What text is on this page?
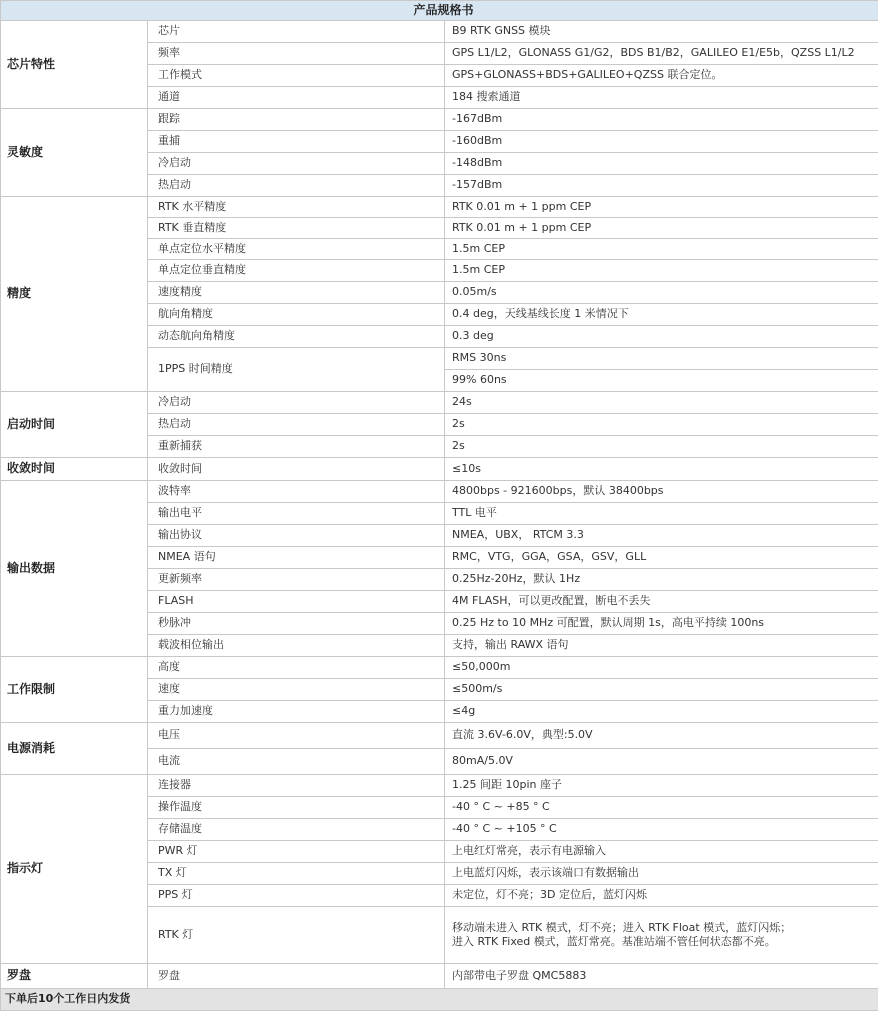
产品规格书		
芯片特性	芯片	B9 RTK GNSS 模块
	频率	GPS L1/L2，GLONASS G1/G2，BDS B1/B2，GALILEO E1/E5b，QZSS L1/L2
	工作模式	GPS+GLONASS+BDS+GALILEO+QZSS 联合定位。
	通道	184 搜索通道
灵敏度	跟踪	-167dBm
	重捕	-160dBm
	冷启动	-148dBm
	热启动	-157dBm
精度	RTK 水平精度	RTK 0.01 m + 1 ppm CEP
	RTK 垂直精度	RTK 0.01 m + 1 ppm CEP
	单点定位水平精度	1.5m CEP
	单点定位垂直精度	1.5m CEP
	速度精度	0.05m/s
	航向角精度	0.4 deg，天线基线长度 1 米情况下
	动态航向角精度	0.3 deg
	1PPS 时间精度	RMS 30ns
		99% 60ns
启动时间	冷启动	24s
	热启动	2s
	重新捕获	2s
收敛时间	收敛时间	≤10s
输出数据	波特率	4800bps - 921600bps，默认 38400bps
	输出电平	TTL 电平
	输出协议	NMEA，UBX， RTCM 3.3
	NMEA 语句	RMC，VTG，GGA，GSA，GSV，GLL
	更新频率	0.25Hz-20Hz，默认 1Hz
	FLASH	4M FLASH，可以更改配置，断电不丢失
	秒脉冲	0.25 Hz to 10 MHz 可配置，默认周期 1s，高电平持续 100ns
	载波相位输出	支持，输出 RAWX 语句
工作限制	高度	≤50,000m
	速度	≤500m/s
	重力加速度	≤4g
电源消耗	电压	直流 3.6V-6.0V，典型:5.0V
	电流	80mA/5.0V
指示灯	连接器	1.25 间距 10pin 座子
	操作温度	-40 ° C ~ +85 ° C
	存储温度	-40 ° C ~ +105 ° C
	PWR 灯	上电红灯常亮，表示有电源输入
	TX 灯	上电蓝灯闪烁，表示该端口有数据输出
	PPS 灯	未定位，灯不亮；3D 定位后，蓝灯闪烁
	RTK 灯	移动端未进入 RTK 模式，灯不亮；进入 RTK Float 模式，蓝灯闪烁；
进入 RTK Fixed 模式，蓝灯常亮。基准站端不管任何状态都不亮。
罗盘	罗盘	内部带电子罗盘 QMC5883
下单后10个工作日内发货		
